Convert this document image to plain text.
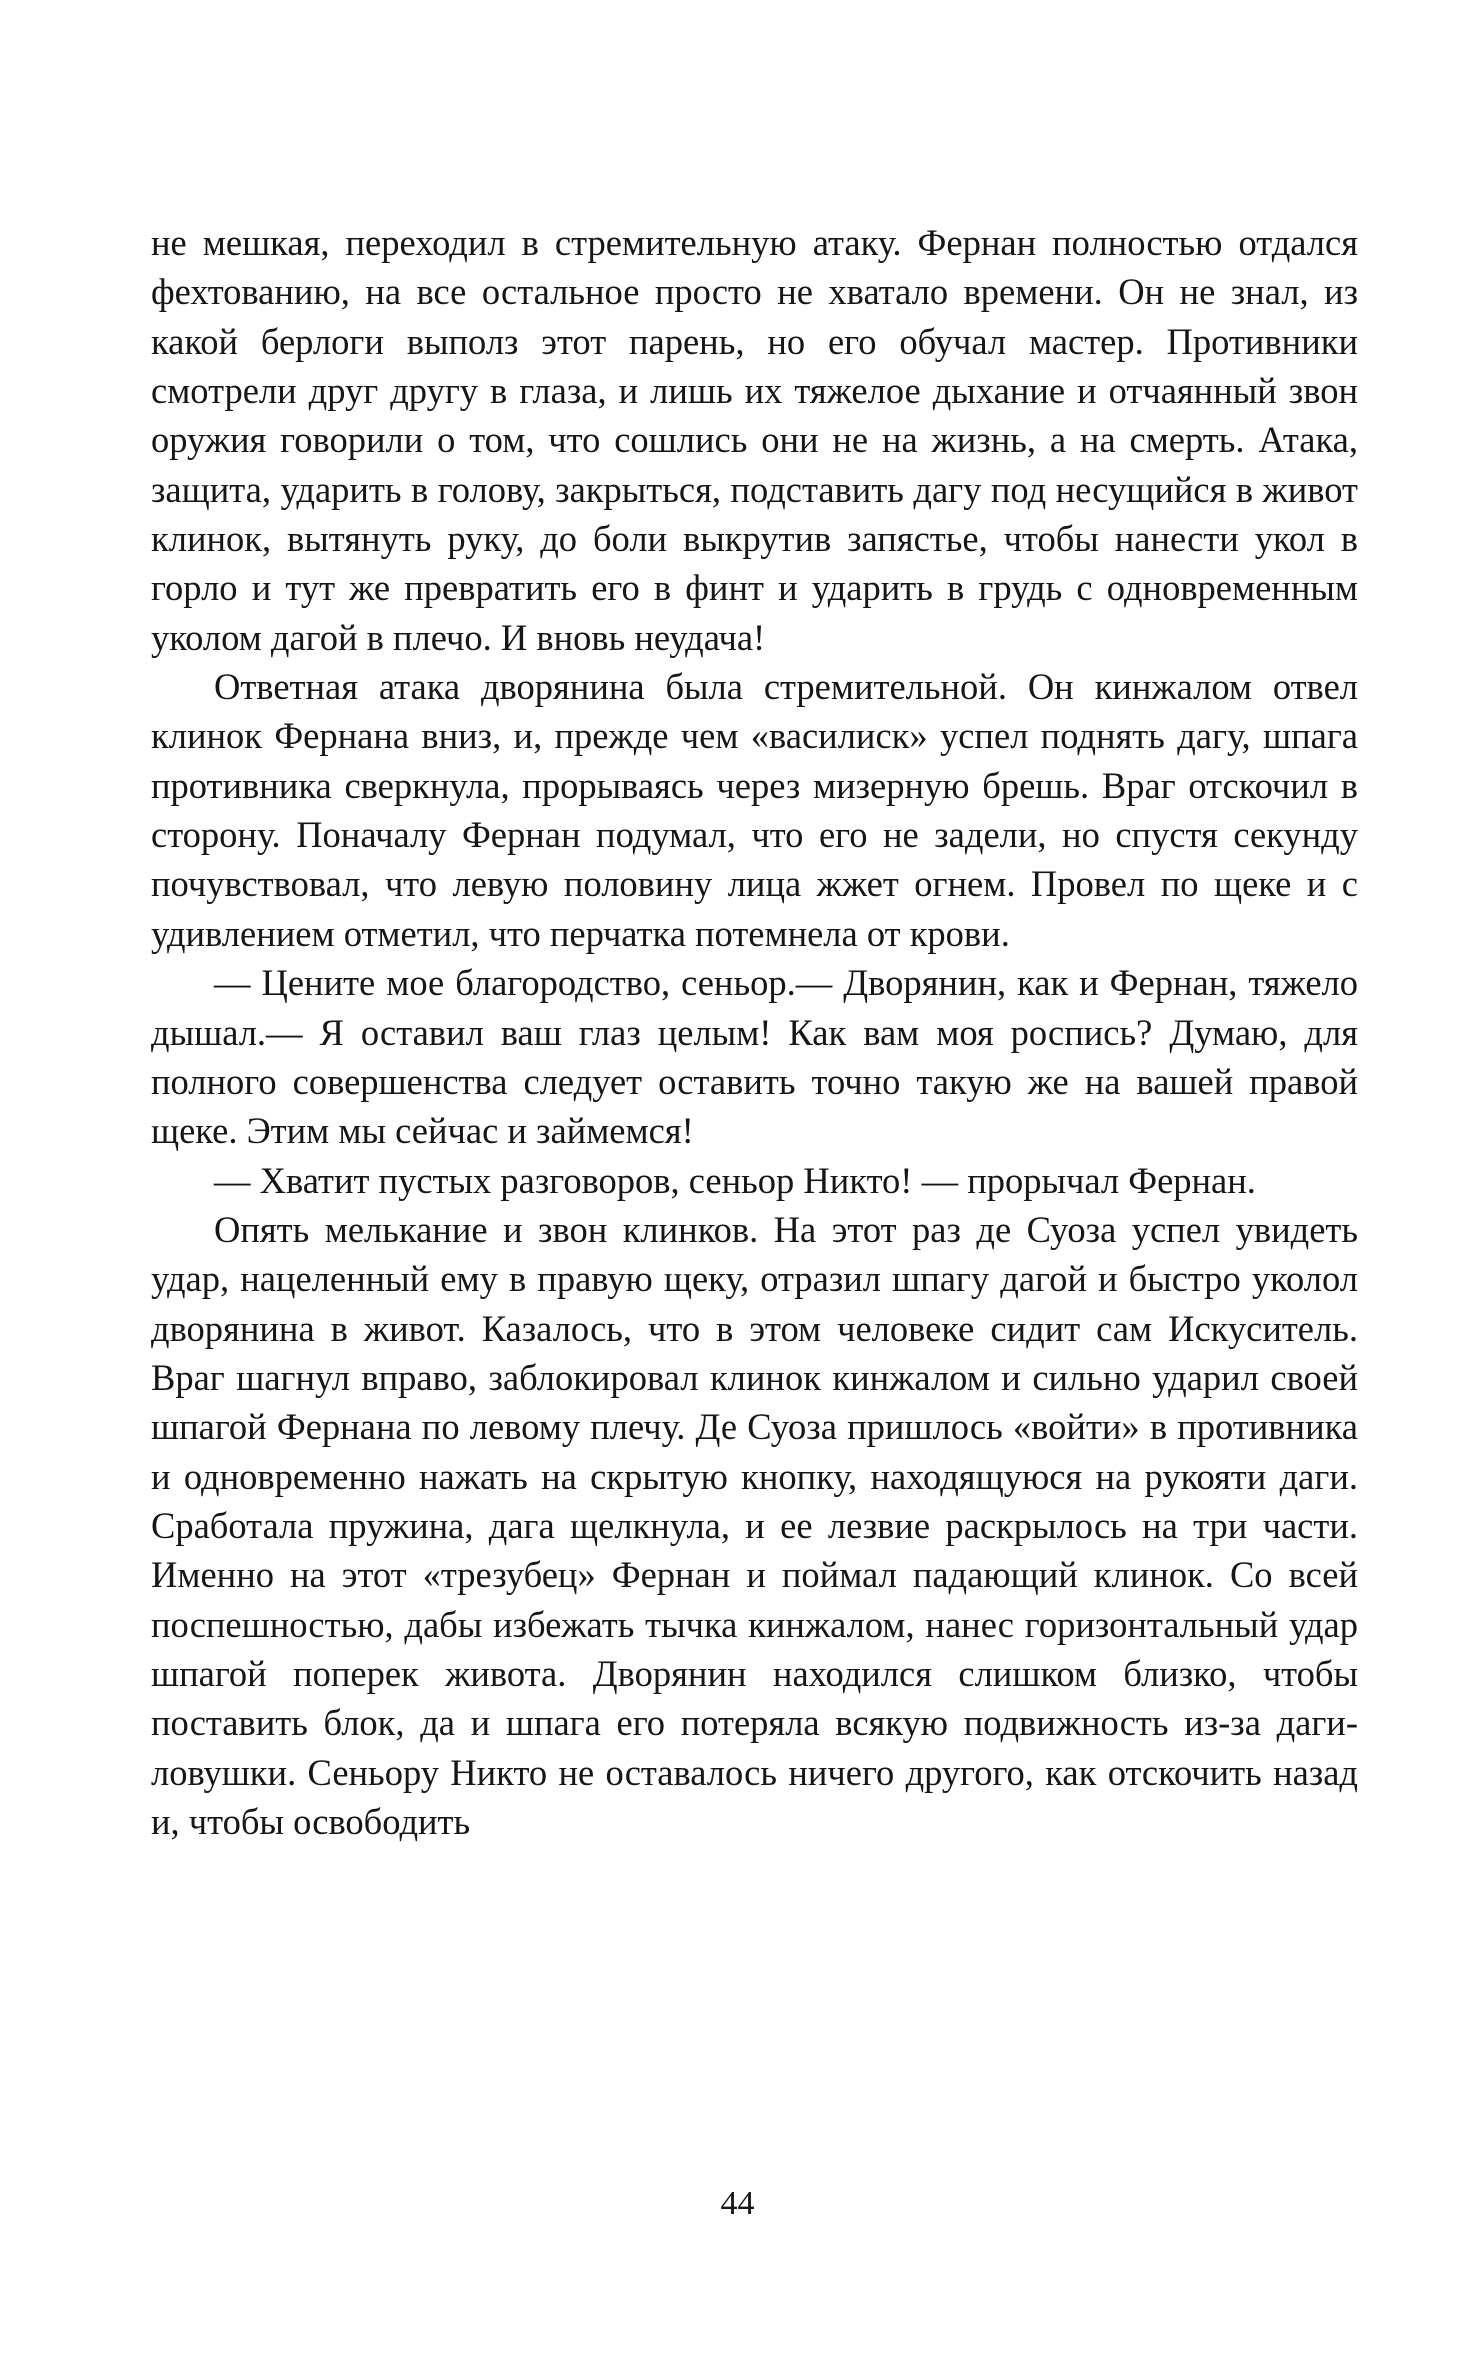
не мешкая, переходил в стремительную атаку. Фернан полностью отдался фехтованию, на все остальное просто не хватало времени. Он не знал, из какой берлоги выполз этот парень, но его обучал мастер. Противники смотрели друг другу в глаза, и лишь их тяжелое дыхание и отчаянный звон оружия говорили о том, что сошлись они не на жизнь, а на смерть. Атака, защита, ударить в голову, закрыться, подставить дагу под несущийся в живот клинок, вытянуть руку, до боли выкрутив запястье, чтобы нанести укол в горло и тут же превратить его в финт и ударить в грудь с одновременным уколом дагой в плечо. И вновь неудача!

Ответная атака дворянина была стремительной. Он кинжалом отвел клинок Фернана вниз, и, прежде чем «василиск» успел поднять дагу, шпага противника сверкнула, прорываясь через мизерную брешь. Враг отскочил в сторону. Поначалу Фернан подумал, что его не задели, но спустя секунду почувствовал, что левую половину лица жжет огнем. Провел по щеке и с удивлением отметил, что перчатка потемнела от крови.

— Цените мое благородство, сеньор.— Дворянин, как и Фернан, тяжело дышал.— Я оставил ваш глаз целым! Как вам моя роспись? Думаю, для полного совершенства следует оставить точно такую же на вашей правой щеке. Этим мы сейчас и займемся!

— Хватит пустых разговоров, сеньор Никто! — прорычал Фернан.

Опять мелькание и звон клинков. На этот раз де Суоза успел увидеть удар, нацеленный ему в правую щеку, отразил шпагу дагой и быстро уколол дворянина в живот. Казалось, что в этом человеке сидит сам Искуситель. Враг шагнул вправо, заблокировал клинок кинжалом и сильно ударил своей шпагой Фернана по левому плечу. Де Суоза пришлось «войти» в противника и одновременно нажать на скрытую кнопку, находящуюся на рукояти даги. Сработала пружина, дага щелкнула, и ее лезвие раскрылось на три части. Именно на этот «трезубец» Фернан и поймал падающий клинок. Со всей поспешностью, дабы избежать тычка кинжалом, нанес горизонтальный удар шпагой поперек живота. Дворянин находился слишком близко, чтобы поставить блок, да и шпага его потеряла всякую подвижность из-за даги-ловушки. Сеньору Никто не оставалось ничего другого, как отскочить назад и, чтобы освободить

44
